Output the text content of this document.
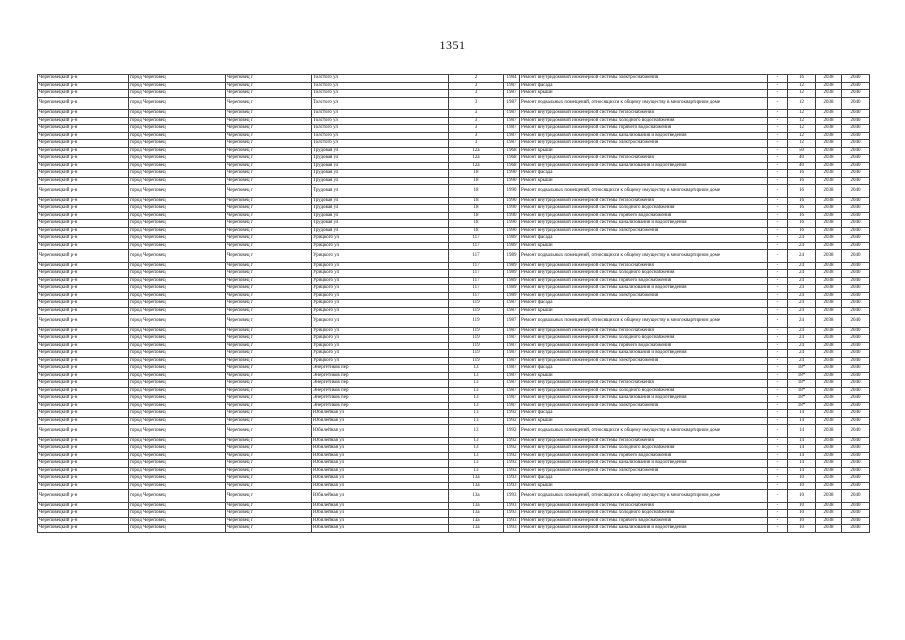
1351
Череповецкий р-н	город Череповец	Череповец г	Толстого ул	2	1984	Ремонт внутридомовой инженерной системы электроснабжения	-	16	2038	2040
Череповецкий р-н	город Череповец	Череповец г	Толстого ул	3	1987	Ремонт фасада	-	12	2038	2040
Череповецкий р-н	город Череповец	Череповец г	Толстого ул	3	1987	Ремонт крыши	-	12	2038	2040
Череповецкий р-н	город Череповец	Череповец г	Толстого ул	3	1987	Ремонт подвальных помещений, относящихся к общему имуществу в многоквартирном доме	-	12	2038	2040
Череповецкий р-н	город Череповец	Череповец г	Толстого ул	3	1987	Ремонт внутридомовой инженерной системы теплоснабжения	-	12	2038	2040
Череповецкий р-н	город Череповец	Череповец г	Толстого ул	3	1987	Ремонт внутридомовой инженерной системы холодного водоснабжения	-	12	2038	2040
Череповецкий р-н	город Череповец	Череповец г	Толстого ул	3	1987	Ремонт внутридомовой инженерной системы горячего водоснабжения	-	12	2038	2040
Череповецкий р-н	город Череповец	Череповец г	Толстого ул	3	1987	Ремонт внутридомовой инженерной системы канализования и водоотведения	-	12	2038	2040
Череповецкий р-н	город Череповец	Череповец г	Толстого ул	3	1987	Ремонт внутридомовой инженерной системы электроснабжения	-	12	2038	2040
Череповецкий р-н	город Череповец	Череповец г	Трудовая ул	12а	1968	Ремонт крыши	-	50	2038	2040
Череповецкий р-н	город Череповец	Череповец г	Трудовая ул	12а	1968	Ремонт внутридомовой инженерной системы теплоснабжения	-	40	2038	2040
Череповецкий р-н	город Череповец	Череповец г	Трудовая ул	12а	1968	Ремонт внутридомовой инженерной системы канализования и водоотведения	-	40	2038	2040
Череповецкий р-н	город Череповец	Череповец г	Трудовая ул	18	1990	Ремонт фасада	-	16	2038	2040
Череповецкий р-н	город Череповец	Череповец г	Трудовая ул	18	1990	Ремонт крыши	-	16	2038	2040
Череповецкий р-н	город Череповец	Череповец г	Трудовая ул	18	1990	Ремонт подвальных помещений, относящихся к общему имуществу в многоквартирном доме	-	16	2038	2040
Череповецкий р-н	город Череповец	Череповец г	Трудовая ул	18	1990	Ремонт внутридомовой инженерной системы теплоснабжения	-	16	2038	2040
Череповецкий р-н	город Череповец	Череповец г	Трудовая ул	18	1990	Ремонт внутридомовой инженерной системы холодного водоснабжения	-	16	2038	2040
Череповецкий р-н	город Череповец	Череповец г	Трудовая ул	18	1990	Ремонт внутридомовой инженерной системы горячего водоснабжения	-	16	2038	2040
Череповецкий р-н	город Череповец	Череповец г	Трудовая ул	18	1990	Ремонт внутридомовой инженерной системы канализования и водоотведения	-	16	2038	2040
Череповецкий р-н	город Череповец	Череповец г	Трудовая ул	18	1990	Ремонт внутридомовой инженерной системы электроснабжения	-	16	2038	2040
Череповецкий р-н	город Череповец	Череповец г	Урицкого ул	117	1989	Ремонт фасада	-	24	2038	2040
Череповецкий р-н	город Череповец	Череповец г	Урицкого ул	117	1989	Ремонт крыши	-	24	2038	2040
Череповецкий р-н	город Череповец	Череповец г	Урицкого ул	117	1989	Ремонт подвальных помещений, относящихся к общему имуществу в многоквартирном доме	-	24	2038	2040
Череповецкий р-н	город Череповец	Череповец г	Урицкого ул	117	1989	Ремонт внутридомовой инженерной системы теплоснабжения	-	24	2038	2040
Череповецкий р-н	город Череповец	Череповец г	Урицкого ул	117	1989	Ремонт внутридомовой инженерной системы холодного водоснабжения	-	24	2038	2040
Череповецкий р-н	город Череповец	Череповец г	Урицкого ул	117	1989	Ремонт внутридомовой инженерной системы горячего водоснабжения	-	24	2038	2040
Череповецкий р-н	город Череповец	Череповец г	Урицкого ул	117	1989	Ремонт внутридомовой инженерной системы канализования и водоотведения	-	24	2038	2040
Череповецкий р-н	город Череповец	Череповец г	Урицкого ул	117	1989	Ремонт внутридомовой инженерной системы электроснабжения	-	24	2038	2040
Череповецкий р-н	город Череповец	Череповец г	Урицкого ул	119	1987	Ремонт фасада	-	24	2038	2040
Череповецкий р-н	город Череповец	Череповец г	Урицкого ул	119	1987	Ремонт крыши	-	24	2038	2040
Череповецкий р-н	город Череповец	Череповец г	Урицкого ул	119	1987	Ремонт подвальных помещений, относящихся к общему имуществу в многоквартирном доме	-	24	2038	2040
Череповецкий р-н	город Череповец	Череповец г	Урицкого ул	119	1987	Ремонт внутридомовой инженерной системы теплоснабжения	-	24	2038	2040
Череповецкий р-н	город Череповец	Череповец г	Урицкого ул	119	1987	Ремонт внутридомовой инженерной системы холодного водоснабжения	-	24	2038	2040
Череповецкий р-н	город Череповец	Череповец г	Урицкого ул	119	1987	Ремонт внутридомовой инженерной системы горячего водоснабжения	-	24	2038	2040
Череповецкий р-н	город Череповец	Череповец г	Урицкого ул	119	1987	Ремонт внутридомовой инженерной системы канализования и водоотведения	-	24	2038	2040
Череповецкий р-н	город Череповец	Череповец г	Урицкого ул	119	1987	Ремонт внутридомовой инженерной системы электроснабжения	-	24	2038	2040
Череповецкий р-н	город Череповец	Череповец г	Энергетиков пер	13	1987	Ремонт фасада	-	18*	2038	2040
Череповецкий р-н	город Череповец	Череповец г	Энергетиков пер	13	1987	Ремонт крыши	-	18*	2038	2040
Череповецкий р-н	город Череповец	Череповец г	Энергетиков пер	13	1987	Ремонт внутридомовой инженерной системы теплоснабжения	-	18*	2038	2040
Череповецкий р-н	город Череповец	Череповец г	Энергетиков пер	13	1987	Ремонт внутридомовой инженерной системы холодного водоснабжения	-	18*	2038	2040
Череповецкий р-н	город Череповец	Череповец г	Энергетиков пер	13	1987	Ремонт внутридомовой инженерной системы канализования и водоотведения	-	18*	2038	2040
Череповецкий р-н	город Череповец	Череповец г	Энергетиков пер	13	1987	Ремонт внутридомовой инженерной системы электроснабжения	-	18*	2038	2040
Череповецкий р-н	город Череповец	Череповец г	Юбилейная ул	13	1992	Ремонт фасада	-	14	2038	2040
Череповецкий р-н	город Череповец	Череповец г	Юбилейная ул	13	1992	Ремонт крыши	-	14	2038	2040
Череповецкий р-н	город Череповец	Череповец г	Юбилейная ул	13	1992	Ремонт подвальных помещений, относящихся к общему имуществу в многоквартирном доме	-	14	2038	2040
Череповецкий р-н	город Череповец	Череповец г	Юбилейная ул	13	1992	Ремонт внутридомовой инженерной системы теплоснабжения	-	14	2038	2040
Череповецкий р-н	город Череповец	Череповец г	Юбилейная ул	13	1992	Ремонт внутридомовой инженерной системы холодного водоснабжения	-	14	2038	2040
Череповецкий р-н	город Череповец	Череповец г	Юбилейная ул	13	1992	Ремонт внутридомовой инженерной системы горячего водоснабжения	-	14	2038	2040
Череповецкий р-н	город Череповец	Череповец г	Юбилейная ул	13	1992	Ремонт внутридомовой инженерной системы канализования и водоотведения	-	14	2038	2040
Череповецкий р-н	город Череповец	Череповец г	Юбилейная ул	13	1992	Ремонт внутридомовой инженерной системы электроснабжения	-	14	2038	2040
Череповецкий р-н	город Череповец	Череповец г	Юбилейная ул	13а	1993	Ремонт фасада	-	10	2038	2040
Череповецкий р-н	город Череповец	Череповец г	Юбилейная ул	13а	1993	Ремонт крыши	-	10	2038	2040
Череповецкий р-н	город Череповец	Череповец г	Юбилейная ул	13а	1993	Ремонт подвальных помещений, относящихся к общему имуществу в многоквартирном доме	-	10	2038	2040
Череповецкий р-н	город Череповец	Череповец г	Юбилейная ул	13а	1993	Ремонт внутридомовой инженерной системы теплоснабжения	-	10	2038	2040
Череповецкий р-н	город Череповец	Череповец г	Юбилейная ул	13а	1993	Ремонт внутридомовой инженерной системы холодного водоснабжения	-	10	2038	2040
Череповецкий р-н	город Череповец	Череповец г	Юбилейная ул	13а	1993	Ремонт внутридомовой инженерной системы горячего водоснабжения	-	10	2038	2040
Череповецкий р-н	город Череповец	Череповец г	Юбилейная ул	13а	1993	Ремонт внутридомовой инженерной системы канализования и водоотведения	-	10	2038	2040
